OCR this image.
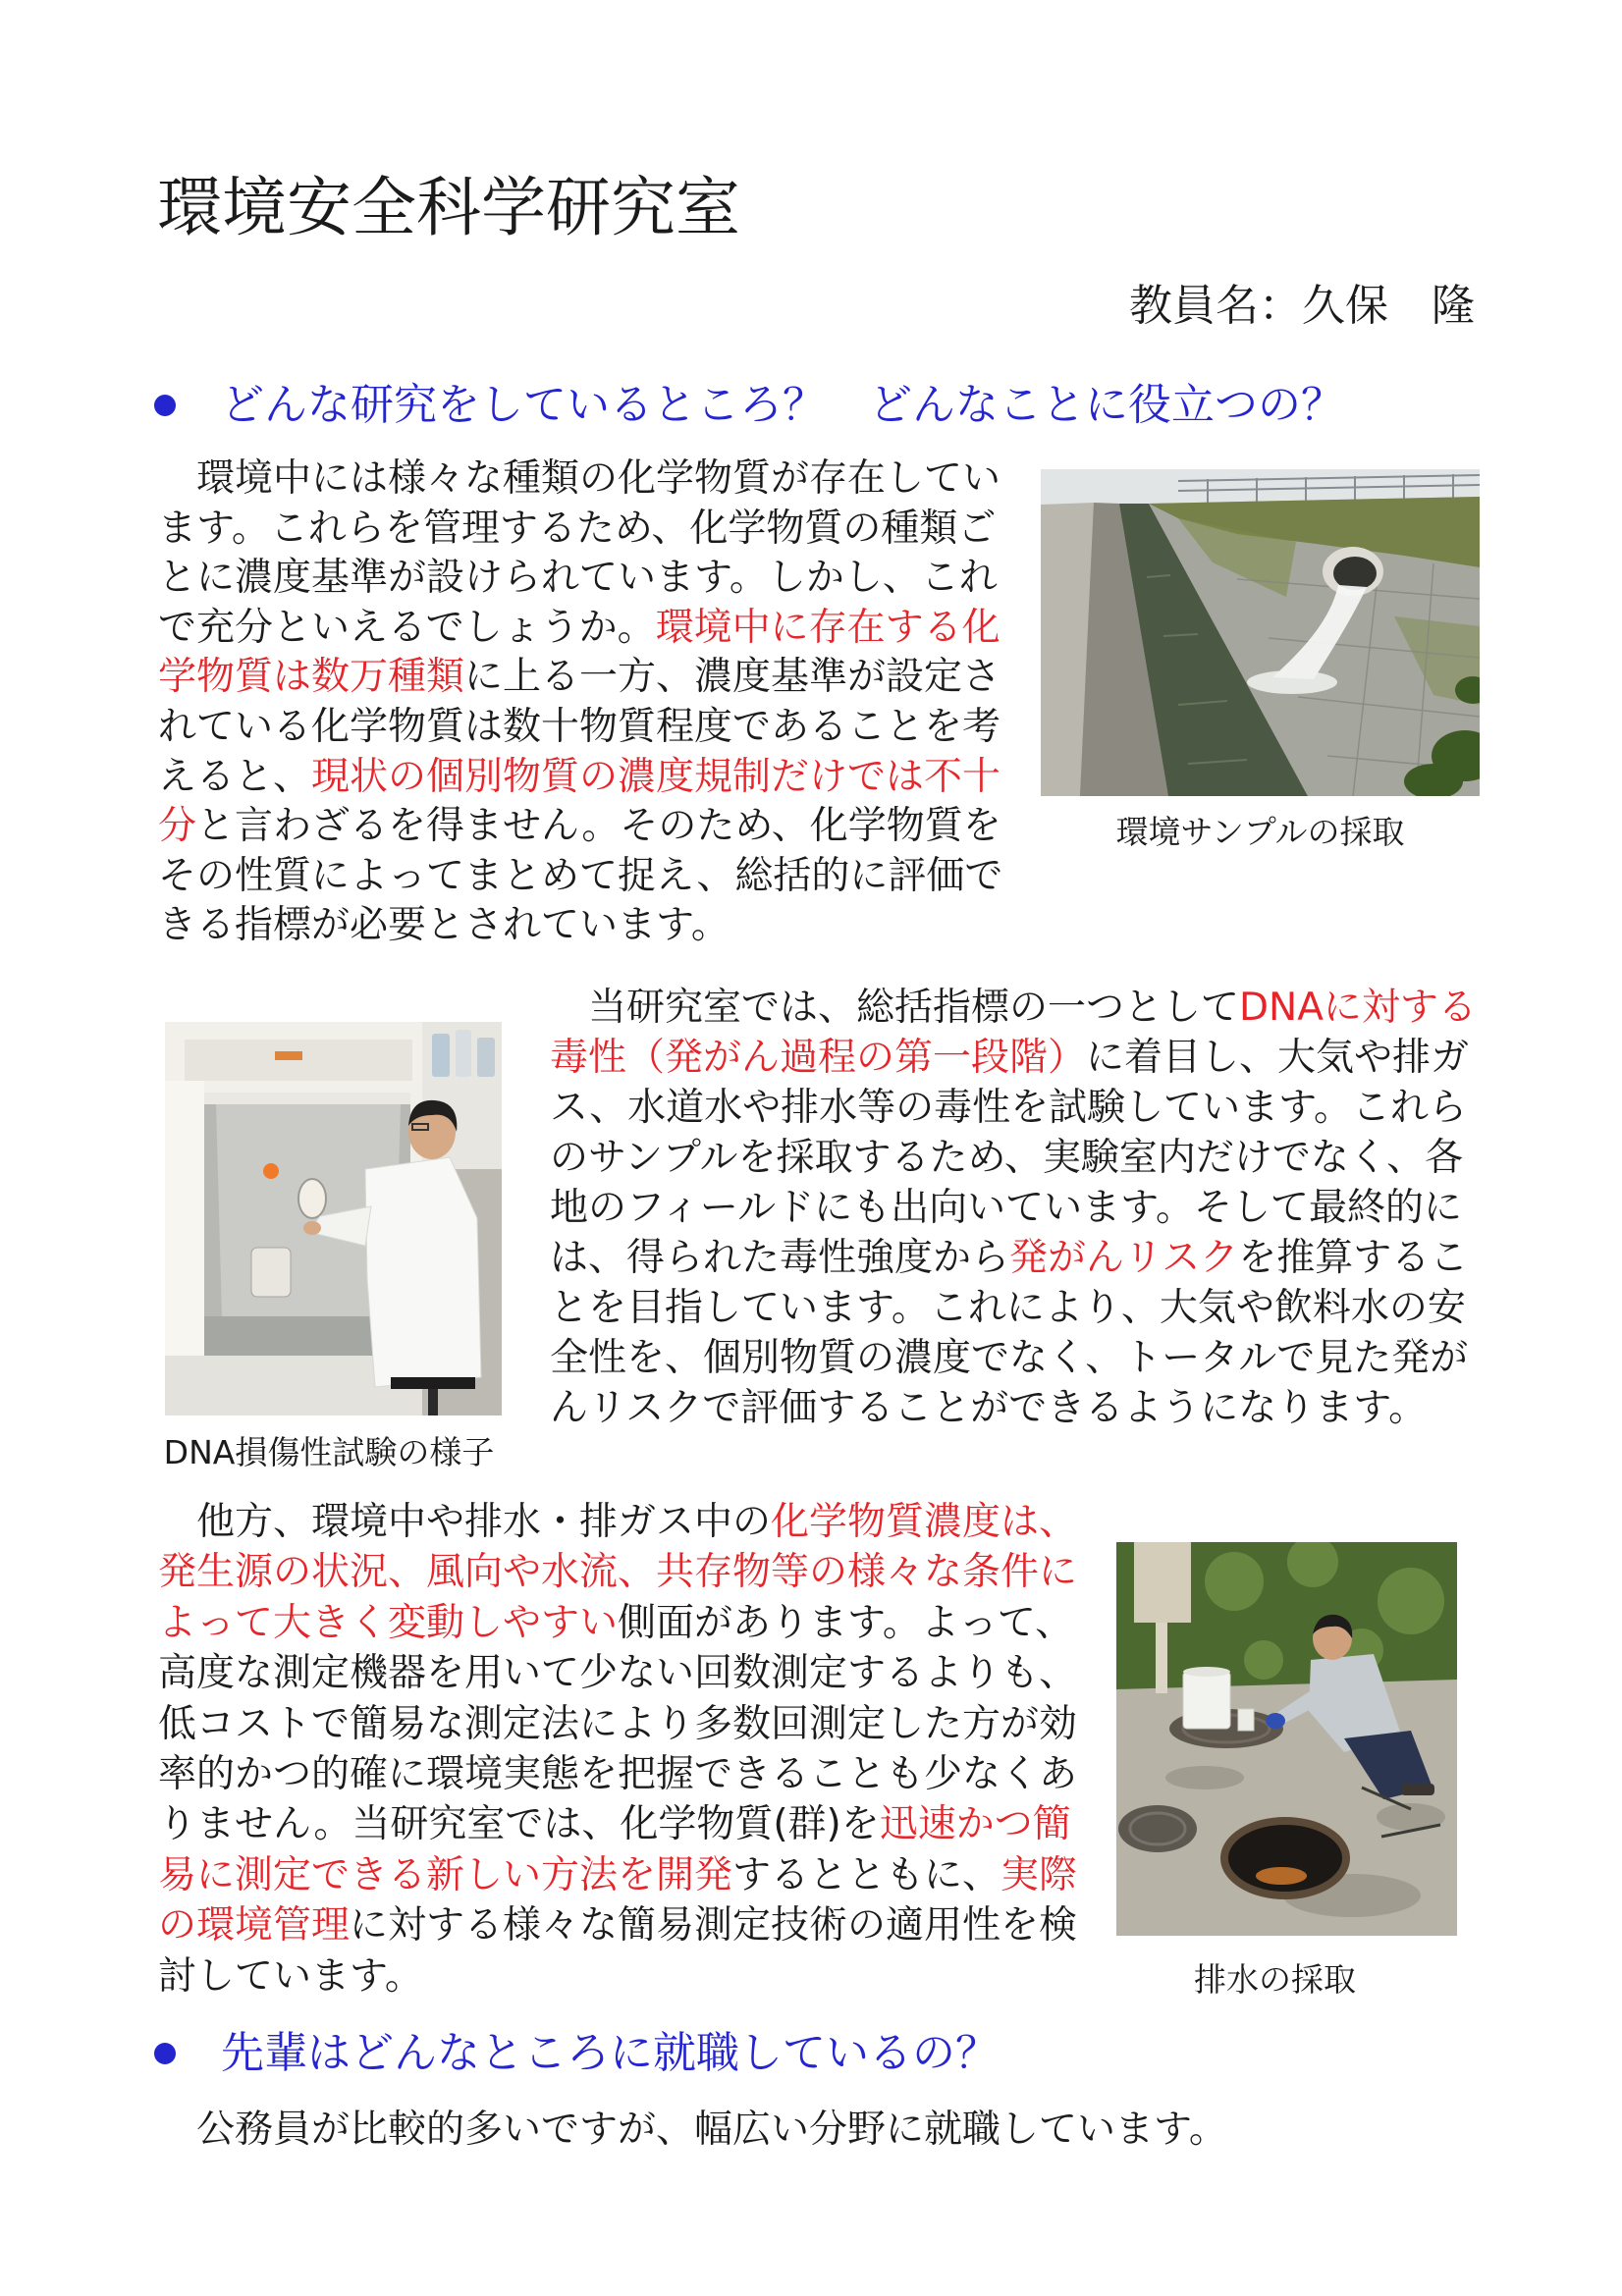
環境安全科学研究室
教員名：久保　隆
どんな研究をしているところ？　どんなことに役立つの？
　環境中には様々な種類の化学物質が存在してい
ます。これらを管理するため、化学物質の種類ご
とに濃度基準が設けられています。しかし、これ
で充分といえるでしょうか。環境中に存在する化
学物質は数万種類に上る一方、濃度基準が設定さ
れている化学物質は数十物質程度であることを考
えると、現状の個別物質の濃度規制だけでは不十
分と言わざるを得ません。そのため、化学物質を
その性質によってまとめて捉え、総括的に評価で
きる指標が必要とされています。
環境サンプルの採取
DNA損傷性試験の様子
　当研究室では、総括指標の一つとしてDNAに対する
毒性（発がん過程の第一段階）に着目し、大気や排ガ
ス、水道水や排水等の毒性を試験しています。これら
のサンプルを採取するため、実験室内だけでなく、各
地のフィールドにも出向いています。そして最終的に
は、得られた毒性強度から発がんリスクを推算するこ
とを目指しています。これにより、大気や飲料水の安
全性を、個別物質の濃度でなく、トータルで見た発が
んリスクで評価することができるようになります。
　他方、環境中や排水・排ガス中の化学物質濃度は、
発生源の状況、風向や水流、共存物等の様々な条件に
よって大きく変動しやすい側面があります。よって、
高度な測定機器を用いて少ない回数測定するよりも、
低コストで簡易な測定法により多数回測定した方が効
率的かつ的確に環境実態を把握できることも少なくあ
りません。当研究室では、化学物質(群)を迅速かつ簡
易に測定できる新しい方法を開発するとともに、実際
の環境管理に対する様々な簡易測定技術の適用性を検
討しています。	排水の採取
先輩はどんなところに就職しているの？
　公務員が比較的多いですが、幅広い分野に就職しています。
